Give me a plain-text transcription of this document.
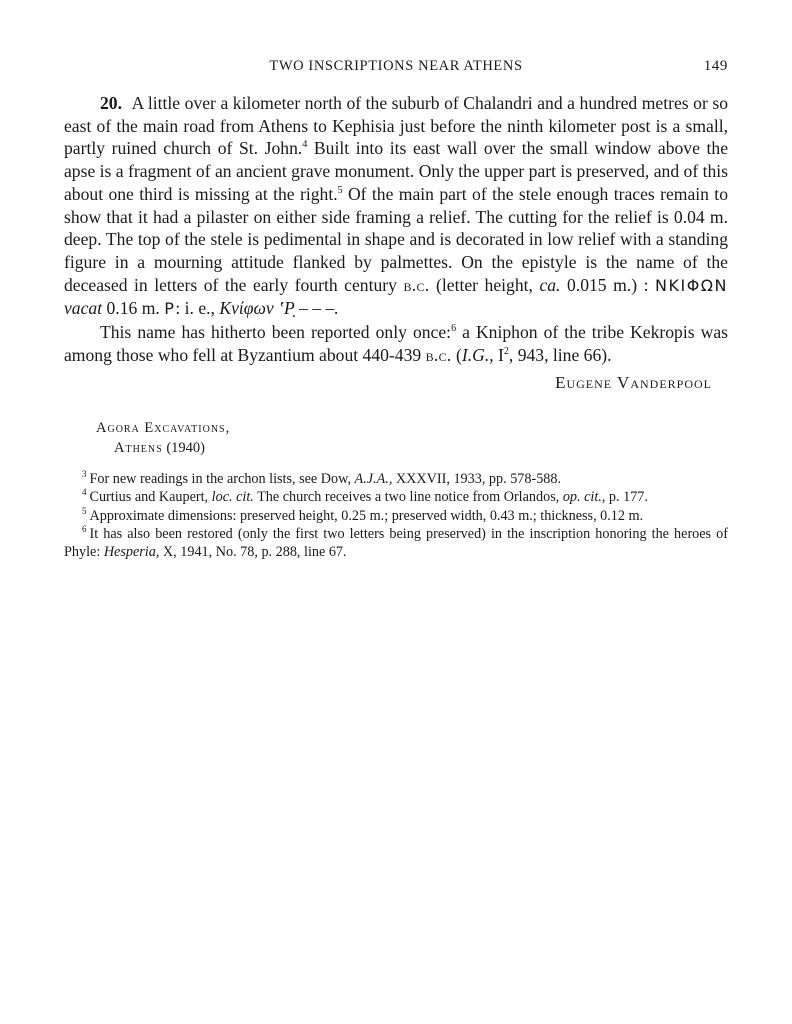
TWO INSCRIPTIONS NEAR ATHENS	149

20. A little over a kilometer north of the suburb of Chalandri and a hundred metres or so east of the main road from Athens to Kephisia just before the ninth kilometer post is a small, partly ruined church of St. John.$^4$ Built into its east wall over the small window above the apse is a fragment of an ancient grave monument. Only the upper part is preserved, and of this about one third is missing at the right.$^5$ Of the main part of the stele enough traces remain to show that it had a pilaster on either side framing a relief. The cutting for the relief is 0.04 m. deep. The top of the stele is pedimental in shape and is decorated in low relief with a standing figure in a mourning attitude flanked by palmettes. On the epistyle is the name of the deceased in letters of the early fourth century b.c. (letter height, ca. 0.015 m.) : ΝΚΙΦΩΝ vacat 0.16 m. Ρ: i. e., Κνίφων ʽΡ̣ – – –.

This name has hitherto been reported only once:$^6$ a Kniphon of the tribe Kekropis was among those who fell at Byzantium about 440-439 b.c. (I.G., $I^2$, 943, line 66).

Eugene Vanderpool
Agora Excavations,
Athens (1940)

$^3$ For new readings in the archon lists, see Dow, A.J.A., XXXVII, 1933, pp. 578-588.

$^4$ Curtius and Kaupert, loc. cit. The church receives a two line notice from Orlandos, op. cit., p. 177.

$^5$ Approximate dimensions: preserved height, 0.25 m.; preserved width, 0.43 m.; thickness, 0.12 m.

$^6$ It has also been restored (only the first two letters being preserved) in the inscription honoring the heroes of Phyle: Hesperia, X, 1941, No. 78, p. 288, line 67.
